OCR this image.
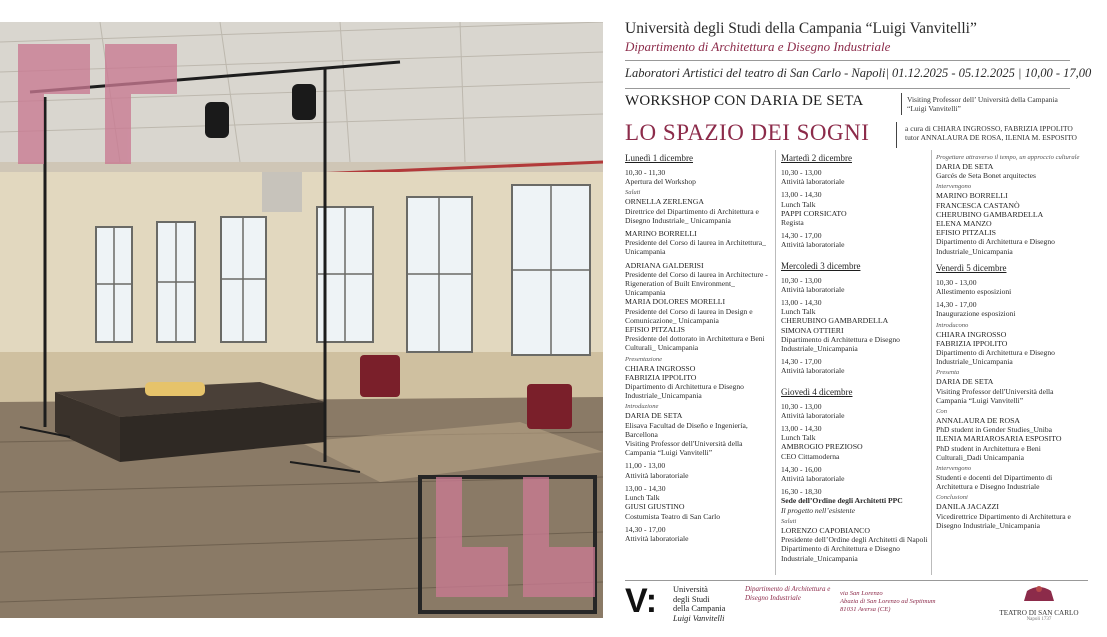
Università degli Studi della Campania “Luigi Vanvitelli”
Dipartimento di Architettura e Disegno Industriale
Laboratori Artistici del teatro di San Carlo - Napoli| 01.12.2025 - 05.12.2025 | 10,00 - 17,00
WORKSHOP CON DARIA DE SETA	Visiting Professor dell’ Università della Campania “Luigi Vanvitelli”
LO SPAZIO DEI SOGNI	a cura di CHIARA INGROSSO, FABRIZIA IPPOLITO
tutor ANNALAURA DE ROSA, ILENIA M. ESPOSITO
Lunedì 1 dicembre
10,30 - 11,30
Apertura del Workshop
Saluti
ORNELLA ZERLENGA
Direttrice del Dipartimento di Architettura e Disegno Industriale_ Unicampania
MARINO BORRELLI
Presidente del Corso di laurea in Architettura_ Unicampania
ADRIANA GALDERISI
Presidente del Corso di laurea in Architecture - Rigeneration of Built Environment_ Unicampania
MARIA DOLORES MORELLI
Presidente del Corso di laurea in Design e Comunicazione_ Unicampania
EFISIO PITZALIS
Presidente del dottorato in Architettura e Beni Culturali_ Unicampania
Presentazione
CHIARA INGROSSO
FABRIZIA IPPOLITO
Dipartimento di Architettura e Disegno Industriale_Unicampania
Introduzione
DARIA DE SETA
Elisava Facultad de Diseño e Ingeniería, Barcellona
Visiting Professor dell'Università della Campania “Luigi Vanvitelli”
11,00 - 13,00
Attività laboratoriale
13,00 - 14,30
Lunch Talk
GIUSI GIUSTINO
Costumista Teatro di San Carlo
14,30 - 17,00
Attività laboratoriale
Martedì 2 dicembre
10,30 - 13,00
Attività laboratoriale
13,00 - 14,30
Lunch Talk
PAPPI CORSICATO
Regista
14,30 - 17,00
Attività laboratoriale
Mercoledì 3 dicembre
10,30 - 13,00
Attività laboratoriale
13,00 - 14,30
Lunch Talk
CHERUBINO GAMBARDELLA
SIMONA OTTIERI
Dipartimento di Architettura e Disegno Industriale_Unicampania
14,30 - 17,00
Attività laboratoriale
Giovedì 4 dicembre
10,30 - 13,00
Attività laboratoriale
13,00 - 14,30
Lunch Talk
AMBROGIO PREZIOSO
CEO Cittamoderna
14,30 - 16,00
Attività laboratoriale
16,30 - 18,30
Sede dell’Ordine degli Architetti PPC
Il progetto nell’esistente
Saluti
LORENZO CAPOBIANCO
Presidente dell’Ordine degli Architetti di Napoli
Dipartimento di Architettura e Disegno Industriale_Unicampania
Progettare attraverso il tempo, un approccio culturale
DARIA DE SETA
Garcés de Seta Bonet arquitectes
Intervengono
MARINO BORRELLI
FRANCESCA CASTANÒ
CHERUBINO GAMBARDELLA
ELENA MANZO
EFISIO PITZALIS
Dipartimento di Architettura e Disegno Industriale_Unicampania
Venerdì 5 dicembre
10,30 - 13,00
Allestimento esposizioni
14,30 - 17,00
Inaugurazione esposizioni
Introducono
CHIARA INGROSSO
FABRIZIA IPPOLITO
Dipartimento di Architettura e Disegno Industriale_Unicampania
Presenta
DARIA DE SETA
Visiting Professor dell'Università della Campania “Luigi Vanvitelli”
Con
ANNALAURA DE ROSA
PhD student in Gender Studies_Uniba
ILENIA MARIAROSARIA ESPOSITO
PhD student in Architettura e Beni Culturali_Dadi Unicampania
Intervengono
Studenti e docenti del Dipartimento di Architettura e Disegno Industriale
Conclusioni
DANILA JACAZZI
Vicedirettrice Dipartimento di Architettura e Disegno Industriale_Unicampania
V: Università
degli Studi
della Campania
Luigi Vanvitelli
Dipartimento di Architettura e
Disegno Industriale	via San Lorenzo
Abazia di San Lorenzo ad Septimum
81031 Aversa (CE)	TEATRO DI SAN CARLO
Napoli 1737
